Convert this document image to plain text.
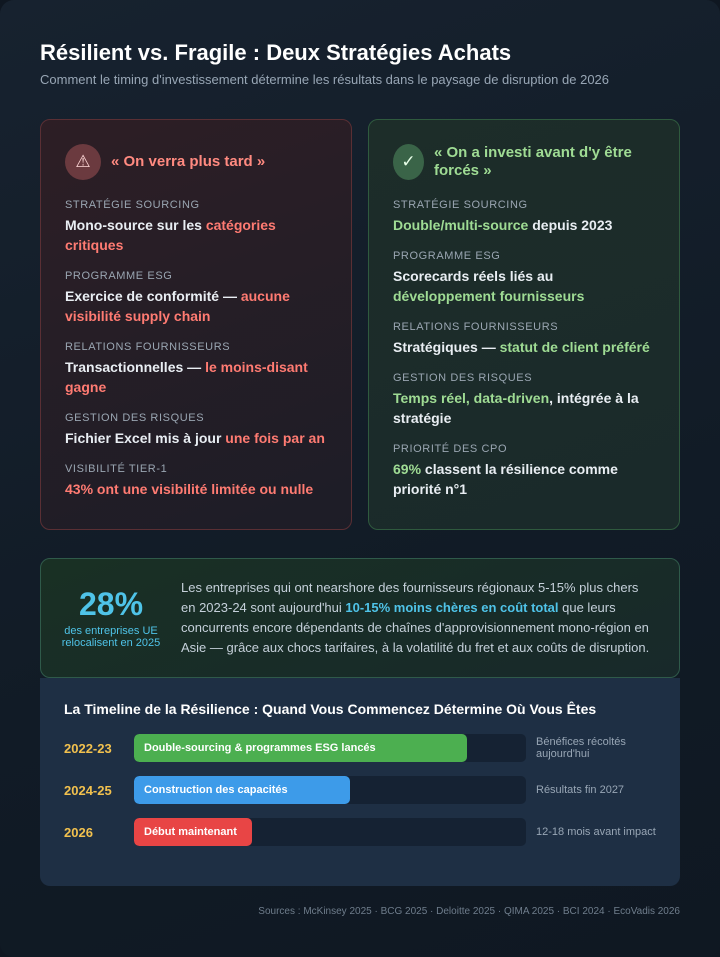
Résilient vs. Fragile : Deux Stratégies Achats

Comment le timing d'investissement détermine les résultats dans le paysage de disruption de 2026

⚠	« On verra plus tard »
STRATÉGIE SOURCING
Mono-source sur les catégories critiques
PROGRAMME ESG
Exercice de conformité — aucune visibilité supply chain
RELATIONS FOURNISSEURS
Transactionnelles — le moins-disant gagne
GESTION DES RISQUES
Fichier Excel mis à jour une fois par an
VISIBILITÉ TIER-1
43% ont une visibilité limitée ou nulle
✓	« On a investi avant d'y être forcés »
STRATÉGIE SOURCING
Double/multi-source depuis 2023
PROGRAMME ESG
Scorecards réels liés au développement fournisseurs
RELATIONS FOURNISSEURS
Stratégiques — statut de client préféré
GESTION DES RISQUES
Temps réel, data-driven, intégrée à la stratégie
PRIORITÉ DES CPO
69% classent la résilience comme priorité n°1
28%
des entreprises UE relocalisent en 2025

Les entreprises qui ont nearshore des fournisseurs régionaux 5-15% plus chers en 2023-24 sont aujourd'hui 10-15% moins chères en coût total que leurs concurrents encore dépendants de chaînes d'approvisionnement mono-région en Asie — grâce aux chocs tarifaires, à la volatilité du fret et aux coûts de disruption.

La Timeline de la Résilience : Quand Vous Commencez Détermine Où Vous Êtes
2022-23	Double-sourcing & programmes ESG lancés	Bénéfices récoltés aujourd'hui
2024-25	Construction des capacités	Résultats fin 2027
2026	Début maintenant	12-18 mois avant impact
Sources : McKinsey 2025 · BCG 2025 · Deloitte 2025 · QIMA 2025 · BCI 2024 · EcoVadis 2026
